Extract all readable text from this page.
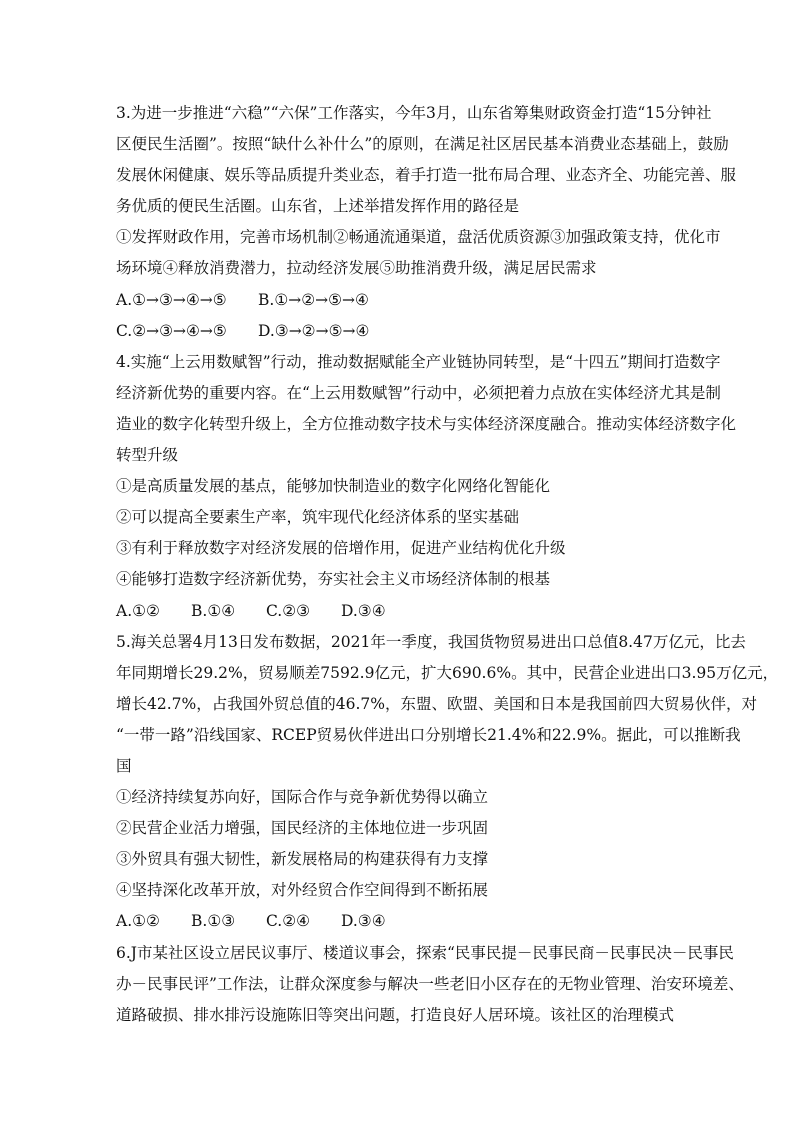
3.为进一步推进“六稳”“六保”工作落实，今年3月，山东省筹集财政资金打造“15分钟社
区便民生活圈”。按照“缺什么补什么”的原则，在满足社区居民基本消费业态基础上，鼓励
发展休闲健康、娱乐等品质提升类业态，着手打造一批布局合理、业态齐全、功能完善、服
务优质的便民生活圈。山东省，上述举措发挥作用的路径是
①发挥财政作用，完善市场机制②畅通流通渠道，盘活优质资源③加强政策支持，优化市
场环境④释放消费潜力，拉动经济发展⑤助推消费升级，满足居民需求
A.①→③→④→⑤	B.①→②→⑤→④
C.②→③→④→⑤	D.③→②→⑤→④
4.实施“上云用数赋智”行动，推动数据赋能全产业链协同转型，是“十四五”期间打造数字
经济新优势的重要内容。在“上云用数赋智”行动中，必须把着力点放在实体经济尤其是制
造业的数字化转型升级上，全方位推动数字技术与实体经济深度融合。推动实体经济数字化
转型升级
①是高质量发展的基点，能够加快制造业的数字化网络化智能化
②可以提高全要素生产率，筑牢现代化经济体系的坚实基础
③有利于释放数字对经济发展的倍增作用，促进产业结构优化升级
④能够打造数字经济新优势，夯实社会主义市场经济体制的根基
A.①②	B.①④	C.②③	D.③④
5.海关总署4月13日发布数据，2021年一季度，我国货物贸易进出口总值8.47万亿元，比去
年同期增长29.2%，贸易顺差7592.9亿元，扩大690.6%。其中，民营企业进出口3.95万亿元，
增长42.7%，占我国外贸总值的46.7%，东盟、欧盟、美国和日本是我国前四大贸易伙伴，对
“一带一路”沿线国家、RCEP贸易伙伴进出口分别增长21.4%和22.9%。据此，可以推断我
国
①经济持续复苏向好，国际合作与竞争新优势得以确立
②民营企业活力增强，国民经济的主体地位进一步巩固
③外贸具有强大韧性，新发展格局的构建获得有力支撑
④坚持深化改革开放，对外经贸合作空间得到不断拓展
A.①②	B.①③	C.②④	D.③④
6.J市某社区设立居民议事厅、楼道议事会，探索“民事民提－民事民商－民事民决－民事民
办－民事民评”工作法，让群众深度参与解决一些老旧小区存在的无物业管理、治安环境差、
道路破损、排水排污设施陈旧等突出问题，打造良好人居环境。该社区的治理模式
